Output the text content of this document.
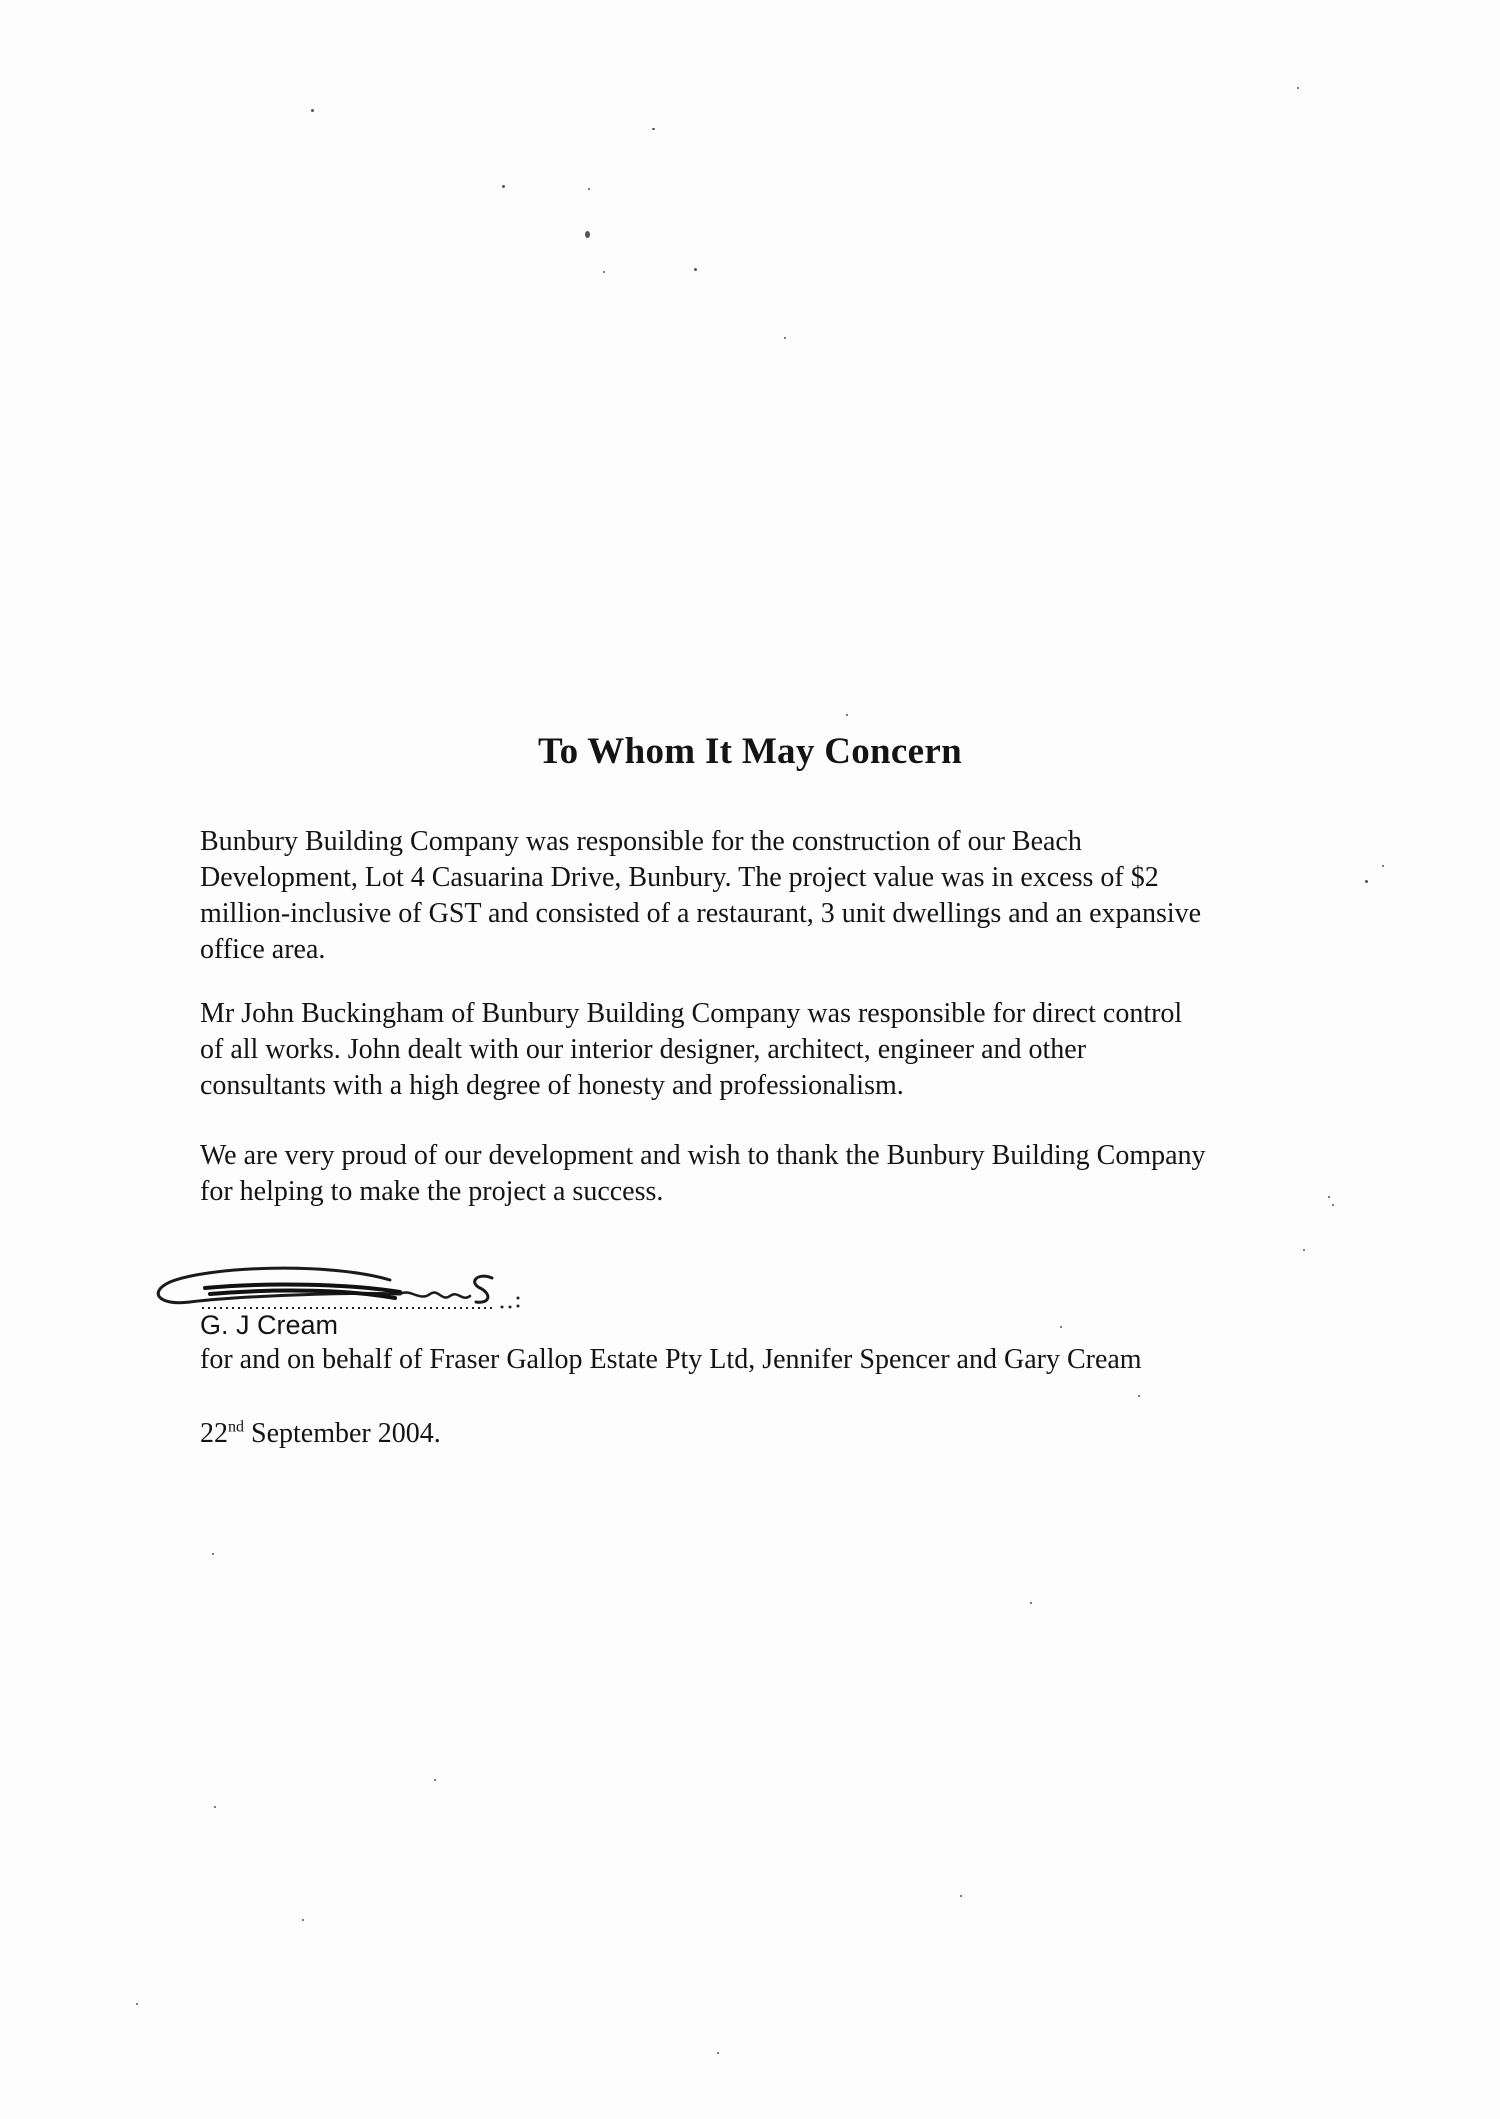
To Whom It May Concern

Bunbury Building Company was responsible for the construction of our Beach
Development, Lot 4 Casuarina Drive, Bunbury. The project value was in excess of $2
million-inclusive of GST and consisted of a restaurant, 3 unit dwellings and an expansive
office area.

Mr John Buckingham of Bunbury Building Company was responsible for direct control
of all works. John dealt with our interior designer, architect, engineer and other
consultants with a high degree of honesty and professionalism.

We are very proud of our development and wish to thank the Bunbury Building Company
for helping to make the project a success.

G. J Cream

for and on behalf of Fraser Gallop Estate Pty Ltd, Jennifer Spencer and Gary Cream

22nd September 2004.
